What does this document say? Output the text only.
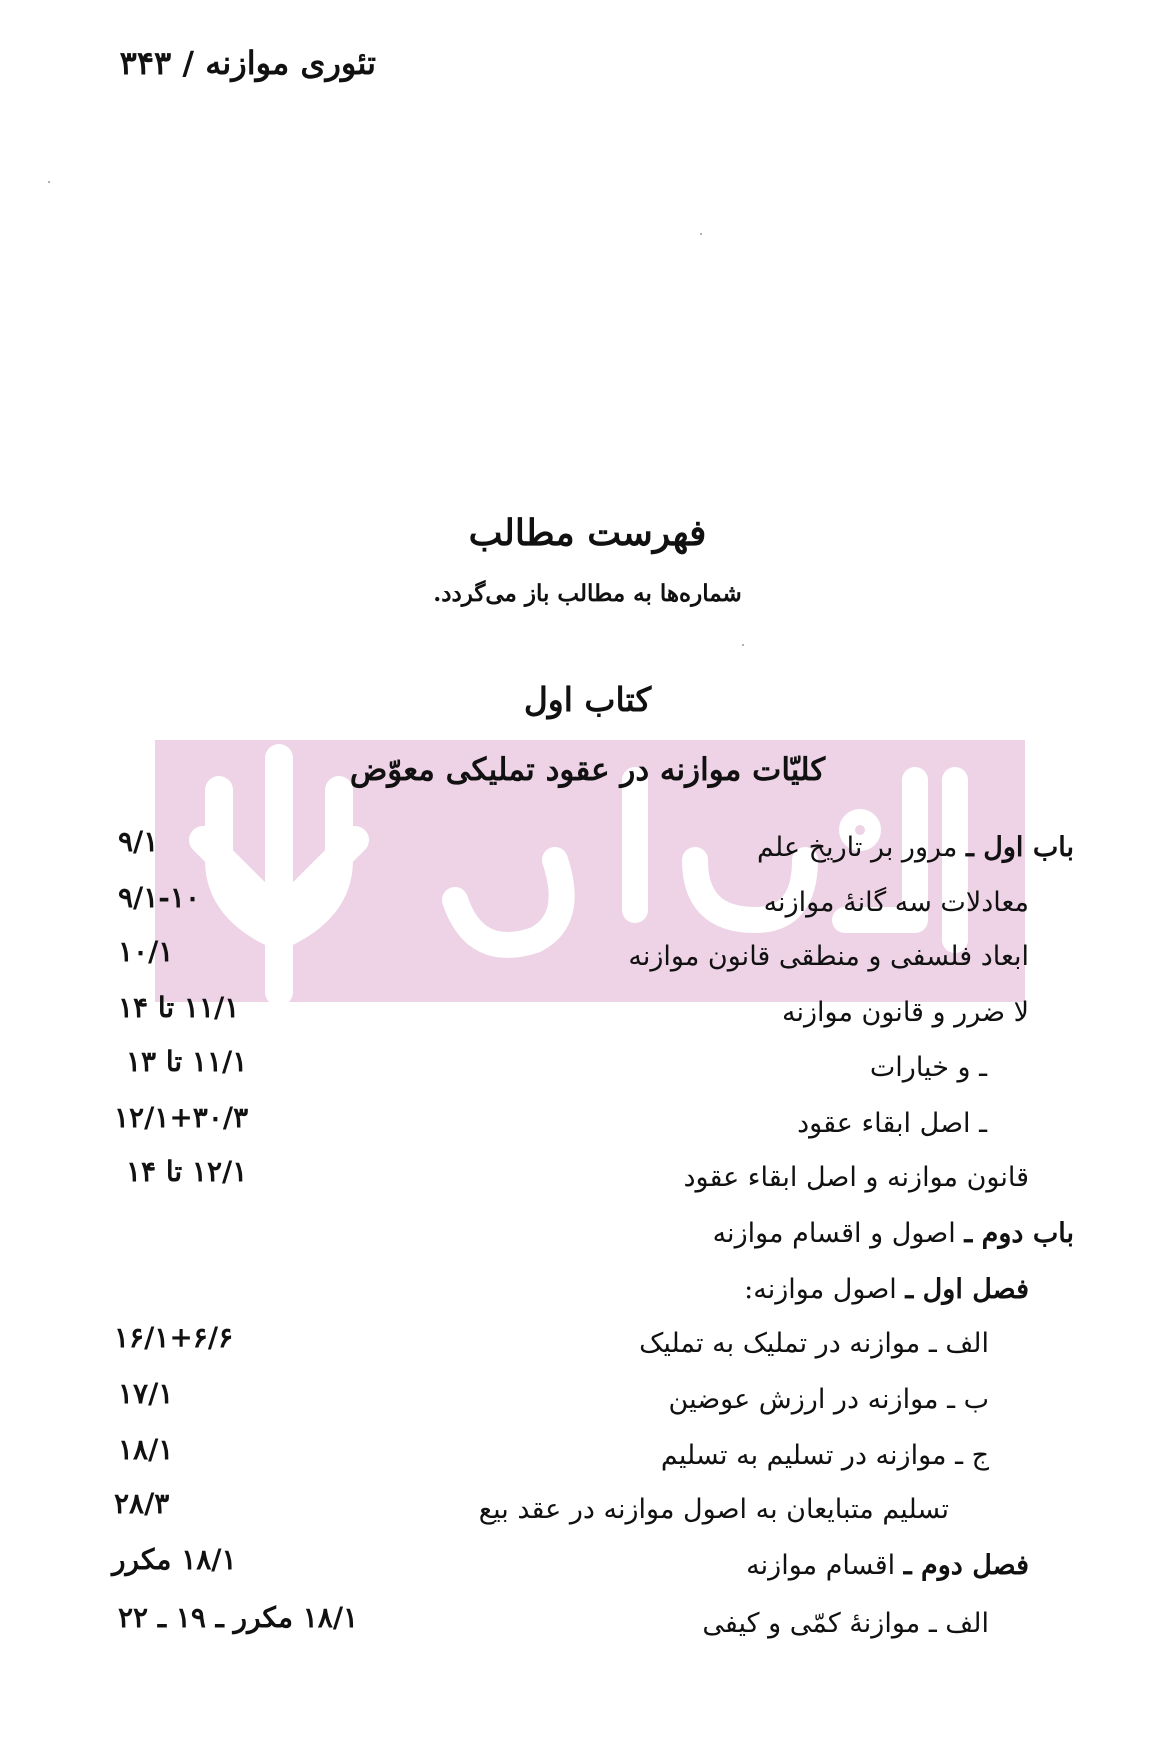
تئوری موازنه / ۳۴۳
فهرست مطالب
شماره‌ها به مطالب باز می‌گردد.
کتاب اول
کلیّات موازنه در عقود تملیکی معوّض
باب اول ـ مرور بر تاریخ علم
۹/۱
معادلات سه گانهٔ موازنه
۹/۱-۱۰
ابعاد فلسفی و منطقی قانون موازنه
۱۰/۱
لا ضرر و قانون موازنه
۱۱/۱ تا ۱۴
ـ و خیارات
۱۱/۱ تا ۱۳
ـ اصل ابقاء عقود
۱۲/۱+۳۰/۳
قانون موازنه و اصل ابقاء عقود
۱۲/۱ تا ۱۴
باب دوم ـ اصول و اقسام موازنه
فصل اول ـ اصول موازنه:
الف ـ موازنه در تملیک به تملیک
۱۶/۱+۶/۶
ب ـ موازنه در ارزش عوضین
۱۷/۱
ج ـ موازنه در تسلیم به تسلیم
۱۸/۱
تسلیم متبایعان به اصول موازنه در عقد بیع
۲۸/۳
فصل دوم ـ اقسام موازنه
۱۸/۱ مکرر
الف ـ موازنهٔ کمّی و کیفی
۱۸/۱ مکرر ـ ۱۹ ـ ۲۲
